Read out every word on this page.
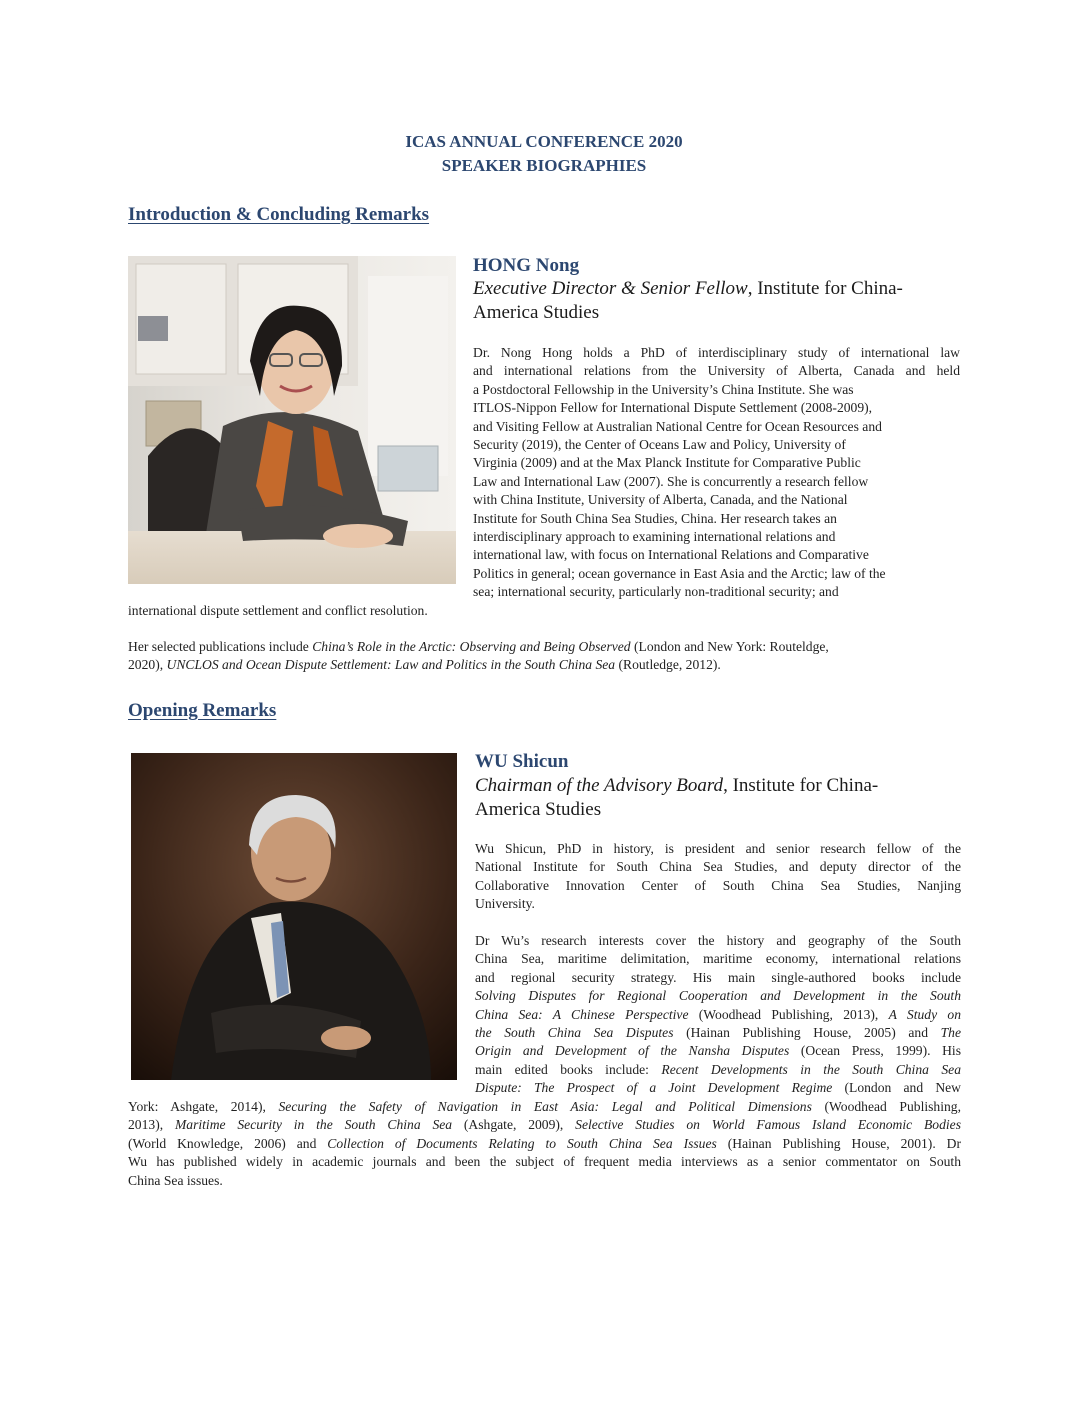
ICAS ANNUAL CONFERENCE 2020
SPEAKER BIOGRAPHIES
Introduction & Concluding Remarks
HONG Nong
Executive Director & Senior Fellow, Institute for China-
America Studies
Dr. Nong Hong holds a PhD of interdisciplinary study of international law
and international relations from the University of Alberta, Canada and held
a Postdoctoral Fellowship in the University’s China Institute. She was
ITLOS-Nippon Fellow for International Dispute Settlement (2008-2009),
and Visiting Fellow at Australian National Centre for Ocean Resources and
Security (2019), the Center of Oceans Law and Policy, University of
Virginia (2009) and at the Max Planck Institute for Comparative Public
Law and International Law (2007). She is concurrently a research fellow
with China Institute, University of Alberta, Canada, and the National
Institute for South China Sea Studies, China. Her research takes an
interdisciplinary approach to examining international relations and
international law, with focus on International Relations and Comparative
Politics in general; ocean governance in East Asia and the Arctic; law of the
sea; international security, particularly non-traditional security; and
international dispute settlement and conflict resolution.
Her selected publications include China’s Role in the Arctic: Observing and Being Observed (London and New York: Routeldge,
2020), UNCLOS and Ocean Dispute Settlement: Law and Politics in the South China Sea (Routledge, 2012).
Opening Remarks
WU Shicun
Chairman of the Advisory Board, Institute for China-
America Studies
Wu Shicun, PhD in history, is president and senior research fellow of the
National Institute for South China Sea Studies, and deputy director of the
Collaborative Innovation Center of South China Sea Studies, Nanjing
University.
Dr Wu’s research interests cover the history and geography of the South
China Sea, maritime delimitation, maritime economy, international relations
and regional security strategy. His main single-authored books include
Solving Disputes for Regional Cooperation and Development in the South
China Sea: A Chinese Perspective (Woodhead Publishing, 2013), A Study on
the South China Sea Disputes (Hainan Publishing House, 2005) and The
Origin and Development of the Nansha Disputes (Ocean Press, 1999). His
main edited books include: Recent Developments in the South China Sea
Dispute: The Prospect of a Joint Development Regime (London and New
York: Ashgate, 2014), Securing the Safety of Navigation in East Asia: Legal and Political Dimensions (Woodhead Publishing,
2013), Maritime Security in the South China Sea (Ashgate, 2009), Selective Studies on World Famous Island Economic Bodies
(World Knowledge, 2006) and Collection of Documents Relating to South China Sea Issues (Hainan Publishing House, 2001). Dr
Wu has published widely in academic journals and been the subject of frequent media interviews as a senior commentator on South
China Sea issues.
